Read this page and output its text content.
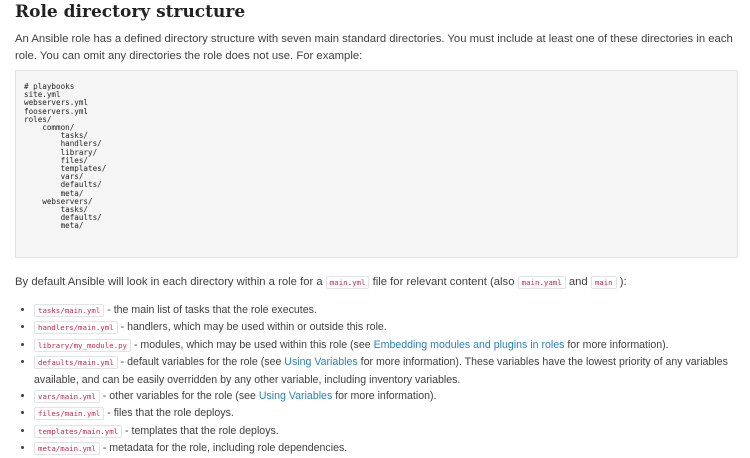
Role directory structure

An Ansible role has a defined directory structure with seven main standard directories. You must include at least one of these directories in each role. You can omit any directories the role does not use. For example:

# playbooks
site.yml
webservers.yml
fooservers.yml
roles/
common/
tasks/
handlers/
library/
files/
templates/
vars/
defaults/
meta/
webservers/
tasks/
defaults/
meta/

By default Ansible will look in each directory within a role for a main.yml file for relevant content (also main.yaml and main ):

• tasks/main.yml - the main list of tasks that the role executes.
• handlers/main.yml - handlers, which may be used within or outside this role.
• library/my_module.py - modules, which may be used within this role (see Embedding modules and plugins in roles for more information).
• defaults/main.yml - default variables for the role (see Using Variables for more information). These variables have the lowest priority of any variables available, and can be easily overridden by any other variable, including inventory variables.
• vars/main.yml - other variables for the role (see Using Variables for more information).
• files/main.yml - files that the role deploys.
• templates/main.yml - templates that the role deploys.
• meta/main.yml - metadata for the role, including role dependencies.
